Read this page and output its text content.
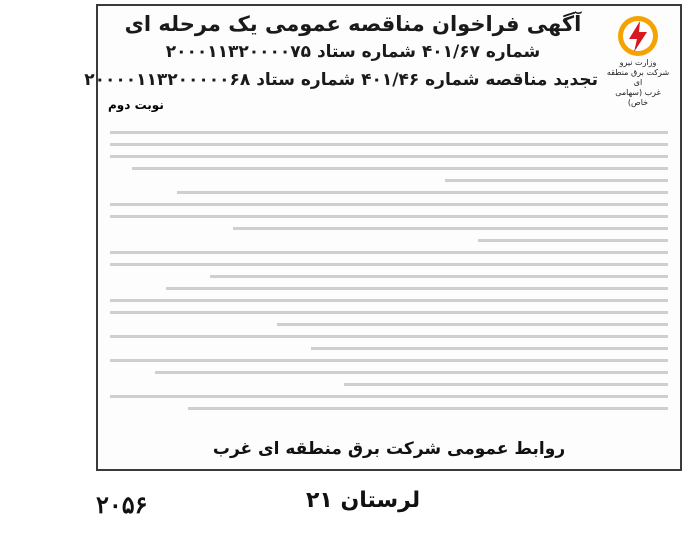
وزارت نیرو
شرکت برق منطقه ای
غرب (سهامی خاص)
آگهی فراخوان مناقصه عمومی یک مرحله ای
شماره ۴۰۱/۶۷ شماره ستاد ۲۰۰۰۱۱۳۲۰۰۰۰۷۵
تجدید مناقصه شماره ۴۰۱/۴۶ شماره ستاد ۲۰۰۰۰۱۱۳۲۰۰۰۰۰۶۸
نوبت دوم
روابط عمومی شرکت برق منطقه ای غرب
۲۰۵۶	لرستان ۲۱
